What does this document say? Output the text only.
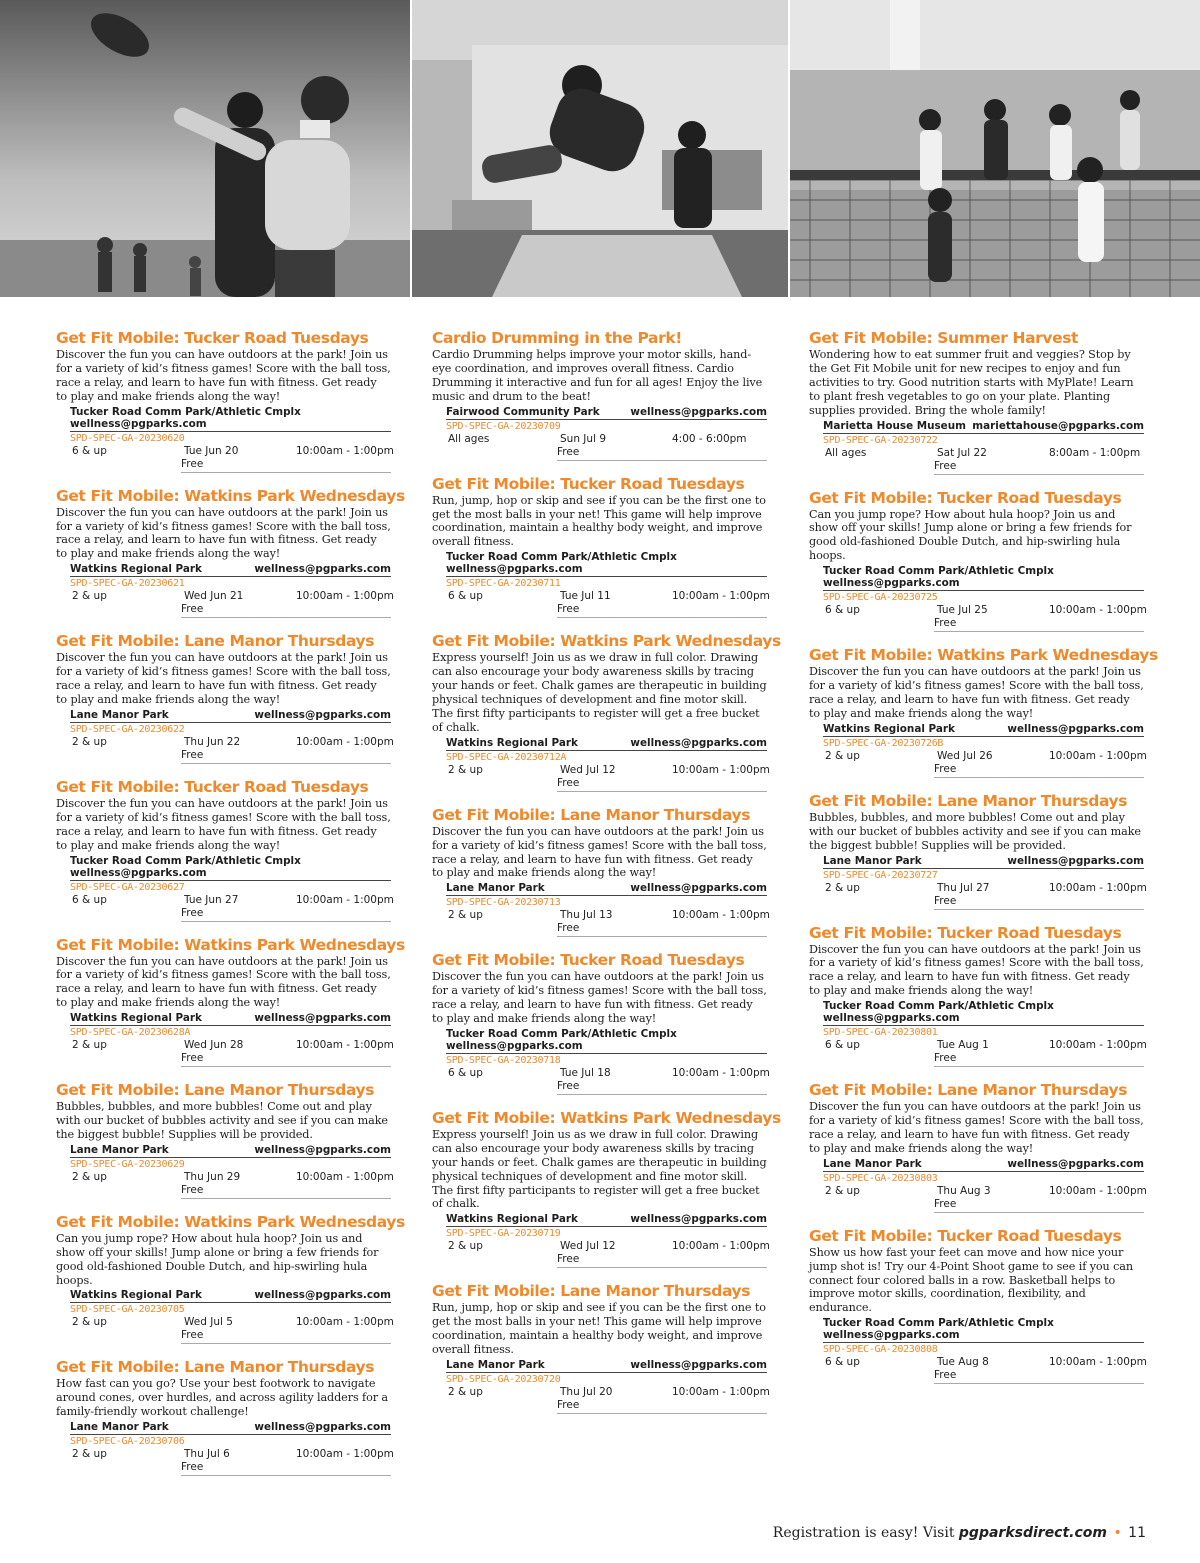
Get Fit Mobile: Tucker Road Tuesdays
Discover the fun you can have outdoors at the park! Join us for a variety of kid’s fitness games! Score with the ball toss, race a relay, and learn to have fun with fitness. Get ready to play and make friends along the way!
Tucker Road Comm Park/Athletic Cmplx
wellness@pgparks.com
SPD-SPEC-GA-20230620
6 & up	Tue Jun 20	10:00am - 1:00pm
Free
Get Fit Mobile: Watkins Park Wednesdays
Discover the fun you can have outdoors at the park! Join us for a variety of kid’s fitness games! Score with the ball toss, race a relay, and learn to have fun with fitness. Get ready to play and make friends along the way!
Watkins Regional Park	wellness@pgparks.com
SPD-SPEC-GA-20230621
2 & up	Wed Jun 21	10:00am - 1:00pm
Free
Get Fit Mobile: Lane Manor Thursdays
Discover the fun you can have outdoors at the park! Join us for a variety of kid’s fitness games! Score with the ball toss, race a relay, and learn to have fun with fitness. Get ready to play and make friends along the way!
Lane Manor Park	wellness@pgparks.com
SPD-SPEC-GA-20230622
2 & up	Thu Jun 22	10:00am - 1:00pm
Free
Get Fit Mobile: Tucker Road Tuesdays
Discover the fun you can have outdoors at the park! Join us for a variety of kid’s fitness games! Score with the ball toss, race a relay, and learn to have fun with fitness. Get ready to play and make friends along the way!
Tucker Road Comm Park/Athletic Cmplx
wellness@pgparks.com
SPD-SPEC-GA-20230627
6 & up	Tue Jun 27	10:00am - 1:00pm
Free
Get Fit Mobile: Watkins Park Wednesdays
Discover the fun you can have outdoors at the park! Join us for a variety of kid’s fitness games! Score with the ball toss, race a relay, and learn to have fun with fitness. Get ready to play and make friends along the way!
Watkins Regional Park	wellness@pgparks.com
SPD-SPEC-GA-20230628A
2 & up	Wed Jun 28	10:00am - 1:00pm
Free
Get Fit Mobile: Lane Manor Thursdays
Bubbles, bubbles, and more bubbles! Come out and play with our bucket of bubbles activity and see if you can make the biggest bubble! Supplies will be provided.
Lane Manor Park	wellness@pgparks.com
SPD-SPEC-GA-20230629
2 & up	Thu Jun 29	10:00am - 1:00pm
Free
Get Fit Mobile: Watkins Park Wednesdays
Can you jump rope? How about hula hoop? Join us and show off your skills! Jump alone or bring a few friends for good old-fashioned Double Dutch, and hip-swirling hula hoops.
Watkins Regional Park	wellness@pgparks.com
SPD-SPEC-GA-20230705
2 & up	Wed Jul 5	10:00am - 1:00pm
Free
Get Fit Mobile: Lane Manor Thursdays
How fast can you go? Use your best footwork to navigate around cones, over hurdles, and across agility ladders for a family-friendly workout challenge!
Lane Manor Park	wellness@pgparks.com
SPD-SPEC-GA-20230706
2 & up	Thu Jul 6	10:00am - 1:00pm
Free
Cardio Drumming in the Park!
Cardio Drumming helps improve your motor skills, hand-eye coordination, and improves overall fitness. Cardio Drumming it interactive and fun for all ages! Enjoy the live music and drum to the beat!
Fairwood Community Park	wellness@pgparks.com
SPD-SPEC-GA-20230709
All ages	Sun Jul 9	4:00 - 6:00pm
Free
Get Fit Mobile: Tucker Road Tuesdays
Run, jump, hop or skip and see if you can be the first one to get the most balls in your net! This game will help improve coordination, maintain a healthy body weight, and improve overall fitness.
Tucker Road Comm Park/Athletic Cmplx
wellness@pgparks.com
SPD-SPEC-GA-20230711
6 & up	Tue Jul 11	10:00am - 1:00pm
Free
Get Fit Mobile: Watkins Park Wednesdays
Express yourself! Join us as we draw in full color. Drawing can also encourage your body awareness skills by tracing your hands or feet. Chalk games are therapeutic in building physical techniques of development and fine motor skill. The first fifty participants to register will get a free bucket of chalk.
Watkins Regional Park	wellness@pgparks.com
SPD-SPEC-GA-20230712A
2 & up	Wed Jul 12	10:00am - 1:00pm
Free
Get Fit Mobile: Lane Manor Thursdays
Discover the fun you can have outdoors at the park! Join us for a variety of kid’s fitness games! Score with the ball toss, race a relay, and learn to have fun with fitness. Get ready to play and make friends along the way!
Lane Manor Park	wellness@pgparks.com
SPD-SPEC-GA-20230713
2 & up	Thu Jul 13	10:00am - 1:00pm
Free
Get Fit Mobile: Tucker Road Tuesdays
Discover the fun you can have outdoors at the park! Join us for a variety of kid’s fitness games! Score with the ball toss, race a relay, and learn to have fun with fitness. Get ready to play and make friends along the way!
Tucker Road Comm Park/Athletic Cmplx
wellness@pgparks.com
SPD-SPEC-GA-20230718
6 & up	Tue Jul 18	10:00am - 1:00pm
Free
Get Fit Mobile: Watkins Park Wednesdays
Express yourself! Join us as we draw in full color. Drawing can also encourage your body awareness skills by tracing your hands or feet. Chalk games are therapeutic in building physical techniques of development and fine motor skill. The first fifty participants to register will get a free bucket of chalk.
Watkins Regional Park	wellness@pgparks.com
SPD-SPEC-GA-20230719
2 & up	Wed Jul 12	10:00am - 1:00pm
Free
Get Fit Mobile: Lane Manor Thursdays
Run, jump, hop or skip and see if you can be the first one to get the most balls in your net! This game will help improve coordination, maintain a healthy body weight, and improve overall fitness.
Lane Manor Park	wellness@pgparks.com
SPD-SPEC-GA-20230720
2 & up	Thu Jul 20	10:00am - 1:00pm
Free
Get Fit Mobile: Summer Harvest
Wondering how to eat summer fruit and veggies? Stop by the Get Fit Mobile unit for new recipes to enjoy and fun activities to try. Good nutrition starts with MyPlate! Learn to plant fresh vegetables to go on your plate. Planting supplies provided. Bring the whole family!
Marietta House Museum mariettahouse@pgparks.com
SPD-SPEC-GA-20230722
All ages	Sat Jul 22	8:00am - 1:00pm
Free
Get Fit Mobile: Tucker Road Tuesdays
Can you jump rope? How about hula hoop? Join us and show off your skills! Jump alone or bring a few friends for good old-fashioned Double Dutch, and hip-swirling hula hoops.
Tucker Road Comm Park/Athletic Cmplx
wellness@pgparks.com
SPD-SPEC-GA-20230725
6 & up	Tue Jul 25	10:00am - 1:00pm
Free
Get Fit Mobile: Watkins Park Wednesdays
Discover the fun you can have outdoors at the park! Join us for a variety of kid’s fitness games! Score with the ball toss, race a relay, and learn to have fun with fitness. Get ready to play and make friends along the way!
Watkins Regional Park	wellness@pgparks.com
SPD-SPEC-GA-20230726B
2 & up	Wed Jul 26	10:00am - 1:00pm
Free
Get Fit Mobile: Lane Manor Thursdays
Bubbles, bubbles, and more bubbles! Come out and play with our bucket of bubbles activity and see if you can make the biggest bubble! Supplies will be provided.
Lane Manor Park	wellness@pgparks.com
SPD-SPEC-GA-20230727
2 & up	Thu Jul 27	10:00am - 1:00pm
Free
Get Fit Mobile: Tucker Road Tuesdays
Discover the fun you can have outdoors at the park! Join us for a variety of kid’s fitness games! Score with the ball toss, race a relay, and learn to have fun with fitness. Get ready to play and make friends along the way!
Tucker Road Comm Park/Athletic Cmplx
wellness@pgparks.com
SPD-SPEC-GA-20230801
6 & up	Tue Aug 1	10:00am - 1:00pm
Free
Get Fit Mobile: Lane Manor Thursdays
Discover the fun you can have outdoors at the park! Join us for a variety of kid’s fitness games! Score with the ball toss, race a relay, and learn to have fun with fitness. Get ready to play and make friends along the way!
Lane Manor Park	wellness@pgparks.com
SPD-SPEC-GA-20230803
2 & up	Thu Aug 3	10:00am - 1:00pm
Free
Get Fit Mobile: Tucker Road Tuesdays
Show us how fast your feet can move and how nice your jump shot is! Try our 4-Point Shoot game to see if you can connect four colored balls in a row. Basketball helps to improve motor skills, coordination, flexibility, and endurance.
Tucker Road Comm Park/Athletic Cmplx
wellness@pgparks.com
SPD-SPEC-GA-20230808
6 & up	Tue Aug 8	10:00am - 1:00pm
Free
Registration is easy! Visit pgparksdirect.com • 11
